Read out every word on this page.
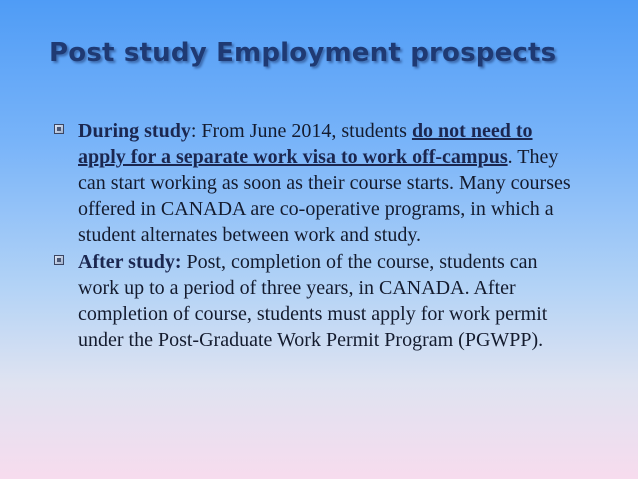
Post study Employment prospects
During study: From June 2014, students do not need to apply for a separate work visa to work off-campus. They can start working as soon as their course starts. Many courses offered in CANADA are co-operative programs, in which a student alternates between work and study.
After study: Post, completion of the course, students can work up to a period of three years, in CANADA. After completion of course, students must apply for work permit under the Post-Graduate Work Permit Program (PGWPP).
